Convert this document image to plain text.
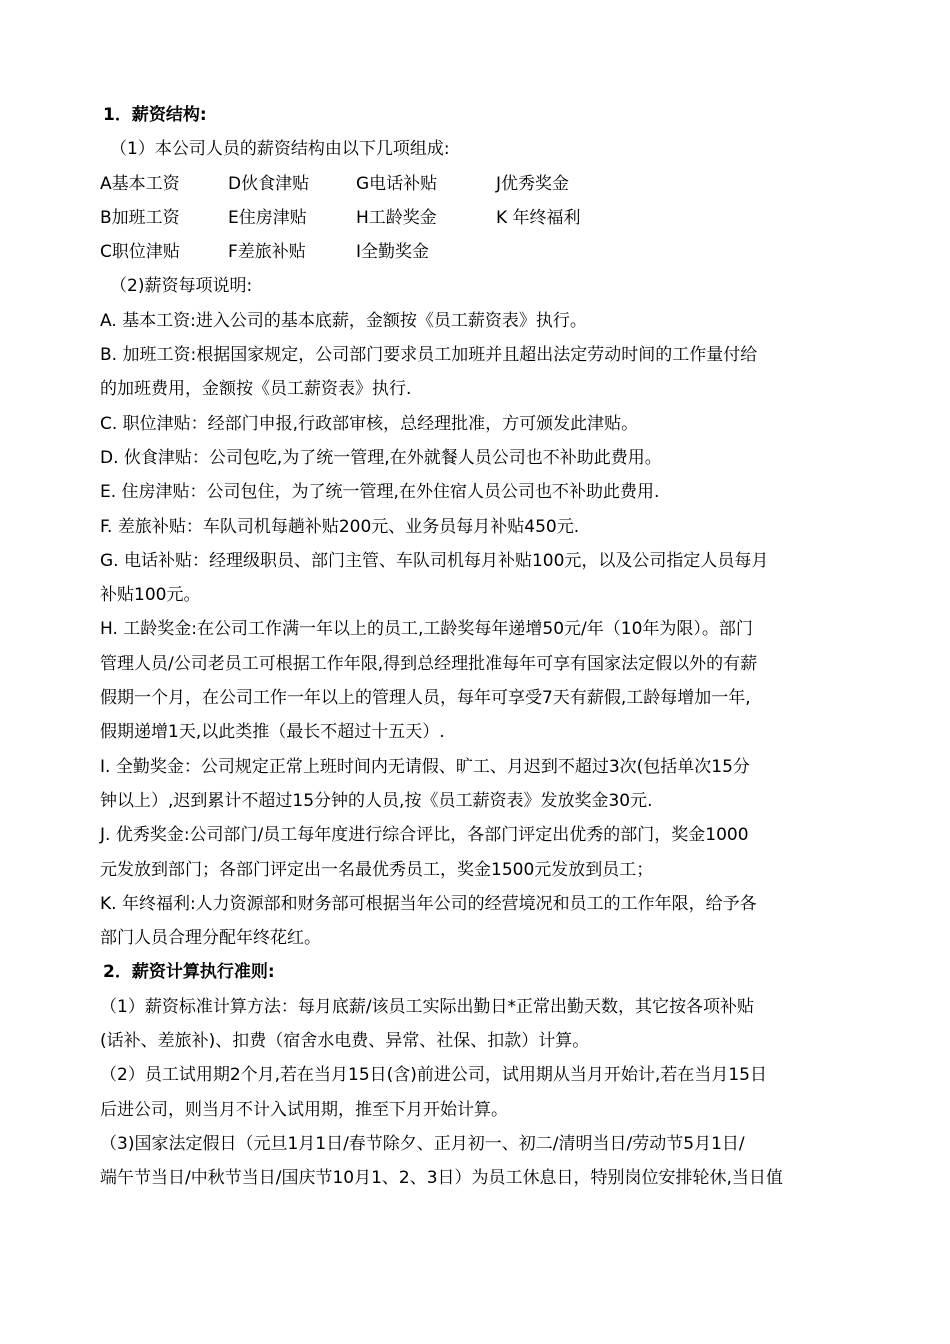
1．薪资结构:
（1）本公司人员的薪资结构由以下几项组成:
A基本工资	D伙食津贴	G电话补贴	J优秀奖金
B加班工资	E住房津贴	H工龄奖金	K 年终福利
C职位津贴	F差旅补贴	I全勤奖金
（2)薪资每项说明:
A. 基本工资:进入公司的基本底薪，金额按《员工薪资表》执行。
B. 加班工资:根据国家规定，公司部门要求员工加班并且超出法定劳动时间的工作量付给
的加班费用，金额按《员工薪资表》执行.
C. 职位津贴：经部门申报,行政部审核，总经理批准，方可颁发此津贴。
D. 伙食津贴：公司包吃,为了统一管理,在外就餐人员公司也不补助此费用。
E. 住房津贴：公司包住，为了统一管理,在外住宿人员公司也不补助此费用.
F. 差旅补贴：车队司机每趟补贴200元、业务员每月补贴450元.
G. 电话补贴：经理级职员、部门主管、车队司机每月补贴100元，以及公司指定人员每月
补贴100元。
H. 工龄奖金:在公司工作满一年以上的员工,工龄奖每年递增50元/年（10年为限）。部门
管理人员/公司老员工可根据工作年限,得到总经理批准每年可享有国家法定假以外的有薪
假期一个月，在公司工作一年以上的管理人员，每年可享受7天有薪假,工龄每增加一年,
假期递增1天,以此类推（最长不超过十五天）.
I. 全勤奖金：公司规定正常上班时间内无请假、旷工、月迟到不超过3次(包括单次15分
钟以上）,迟到累计不超过15分钟的人员,按《员工薪资表》发放奖金30元.
J. 优秀奖金:公司部门/员工每年度进行综合评比，各部门评定出优秀的部门，奖金1000
元发放到部门；各部门评定出一名最优秀员工，奖金1500元发放到员工；
K. 年终福利:人力资源部和财务部可根据当年公司的经营境况和员工的工作年限，给予各
部门人员合理分配年终花红。
2．薪资计算执行准则:
（1）薪资标准计算方法：每月底薪/该员工实际出勤日*正常出勤天数，其它按各项补贴
(话补、差旅补)、扣费（宿舍水电费、异常、社保、扣款）计算。
（2）员工试用期2个月,若在当月15日(含)前进公司，试用期从当月开始计,若在当月15日
后进公司，则当月不计入试用期，推至下月开始计算。
（3)国家法定假日（元旦1月1日/春节除夕、正月初一、初二/清明当日/劳动节5月1日/
端午节当日/中秋节当日/国庆节10月1、2、3日）为员工休息日，特别岗位安排轮休,当日值
